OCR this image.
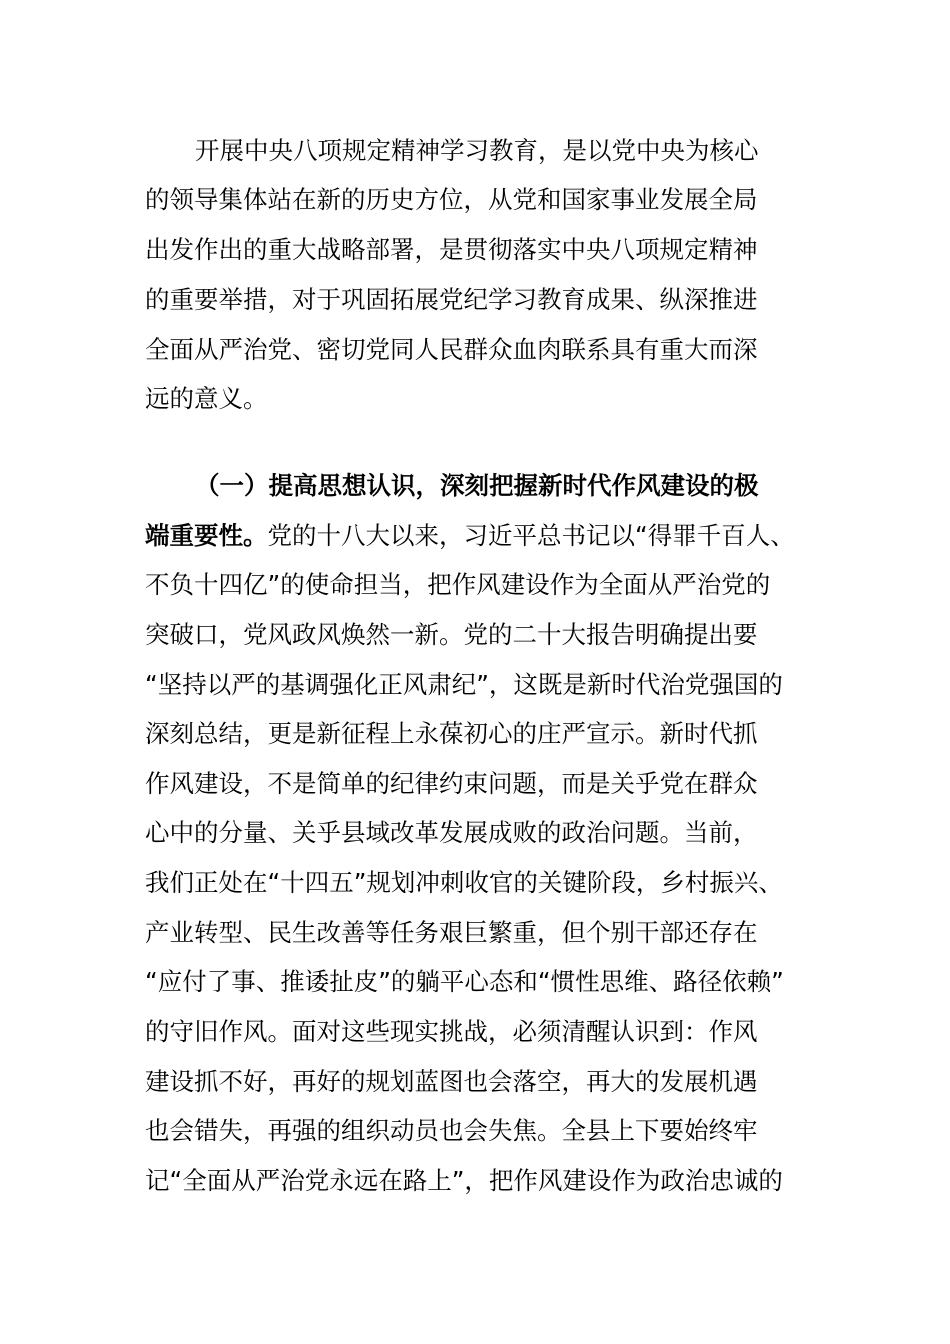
开展中央八项规定精神学习教育，是以党中央为核心
的领导集体站在新的历史方位，从党和国家事业发展全局
出发作出的重大战略部署，是贯彻落实中央八项规定精神
的重要举措，对于巩固拓展党纪学习教育成果、纵深推进
全面从严治党、密切党同人民群众血肉联系具有重大而深
远的意义。
（一）提高思想认识，深刻把握新时代作风建设的极
端重要性。党的十八大以来，习近平总书记以“得罪千百人、
不负十四亿”的使命担当，把作风建设作为全面从严治党的
突破口，党风政风焕然一新。党的二十大报告明确提出要
“坚持以严的基调强化正风肃纪”，这既是新时代治党强国的
深刻总结，更是新征程上永葆初心的庄严宣示。新时代抓
作风建设，不是简单的纪律约束问题，而是关乎党在群众
心中的分量、关乎县域改革发展成败的政治问题。当前，
我们正处在“十四五”规划冲刺收官的关键阶段，乡村振兴、
产业转型、民生改善等任务艰巨繁重，但个别干部还存在
“应付了事、推诿扯皮”的躺平心态和“惯性思维、路径依赖”
的守旧作风。面对这些现实挑战，必须清醒认识到：作风
建设抓不好，再好的规划蓝图也会落空，再大的发展机遇
也会错失，再强的组织动员也会失焦。全县上下要始终牢
记“全面从严治党永远在路上”，把作风建设作为政治忠诚的
